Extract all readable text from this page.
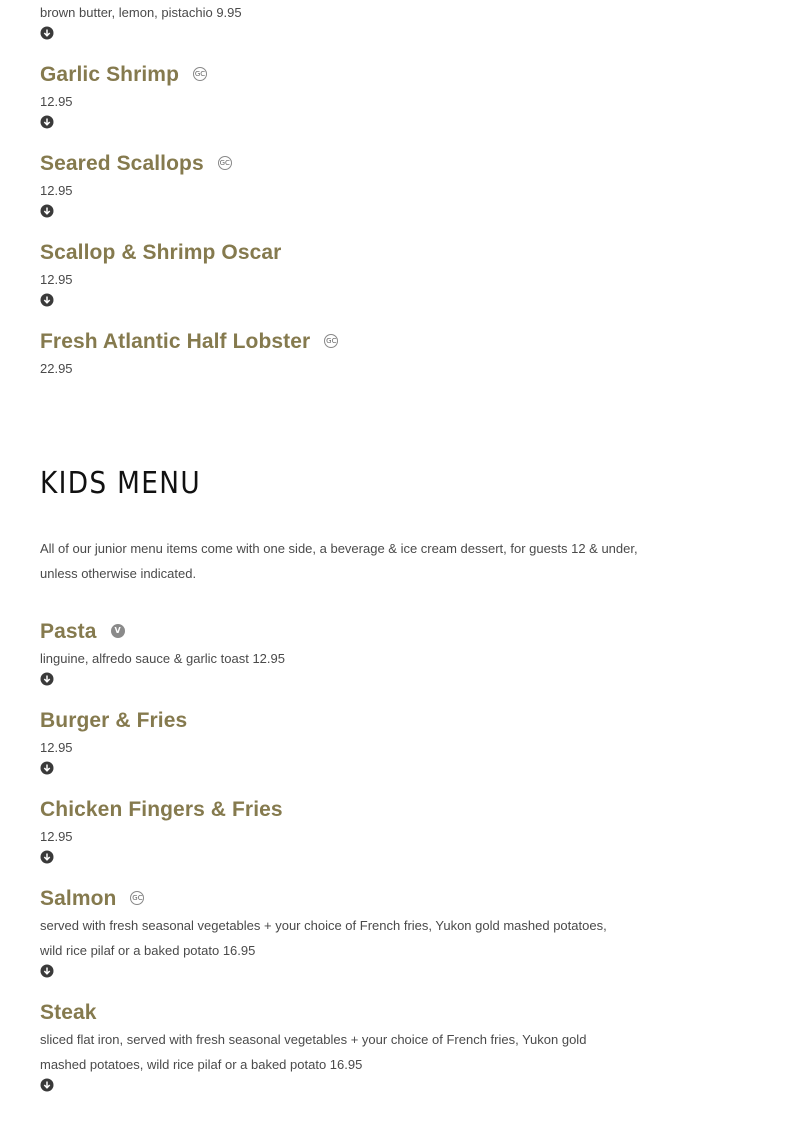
brown butter, lemon, pistachio 9.95
Garlic Shrimp GC
12.95
Seared Scallops GC
12.95
Scallop & Shrimp Oscar
12.95
Fresh Atlantic Half Lobster GC
22.95
KIDS MENU
All of our junior menu items come with one side, a beverage & ice cream dessert, for guests 12 & under,
unless otherwise indicated.
Pasta	V
linguine, alfredo sauce & garlic toast 12.95
Burger & Fries
12.95
Chicken Fingers & Fries
12.95
Salmon GC
served with fresh seasonal vegetables + your choice of French fries, Yukon gold mashed potatoes,
wild rice pilaf or a baked potato 16.95
Steak
sliced flat iron, served with fresh seasonal vegetables + your choice of French fries, Yukon gold
mashed potatoes, wild rice pilaf or a baked potato 16.95
